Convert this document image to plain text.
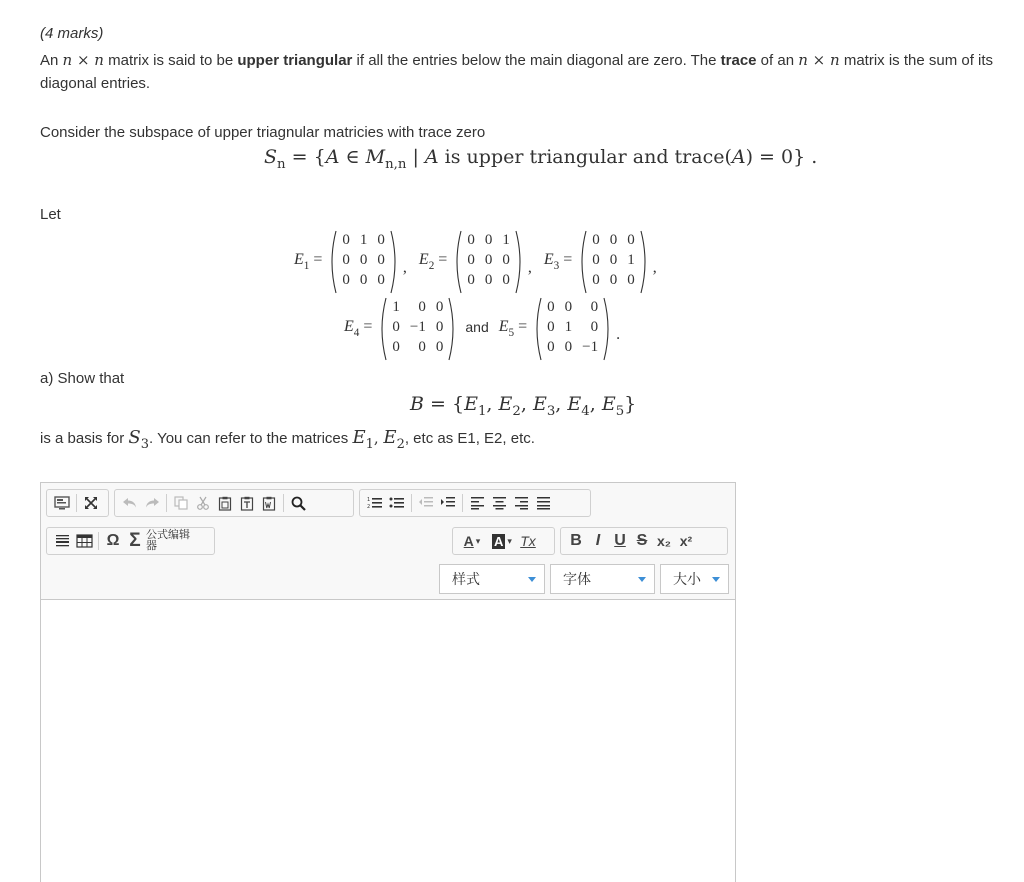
(4 marks)
An n × n matrix is said to be upper triangular if all the entries below the main diagonal are zero. The trace of an n × n matrix is the sum of its diagonal entries.
Consider the subspace of upper triagnular matricies with trace zero
$S_n = \{A$ ∈ $M_{n,n}$ | A is upper triangular and trace(A) = 0} .
Let
$E_1$ =
0	1	0
0	0	0
0	0	0
, $E_2$ =
0	0	1
0	0	0
0	0	0
, $E_3$ =
0	0	0
0	0	1
0	0	0
,
$E_4$ =
1	0	0
0	−1	0
0	0	0
and $E_5$ =
0	0	0
0	1	0
0	0	−1
.
a) Show that
$B = \{E_1$, $E_2$, $E_3$, $E_4$, $E_5$}
is a basis for S3. You can refer to the matrices E1, E2, etc as E1, E2, etc.
1
2
Ω Σ 公式编辑器	A ▾ A ▾ Tx	B I U S x₂ x²
样式	字体	大小
